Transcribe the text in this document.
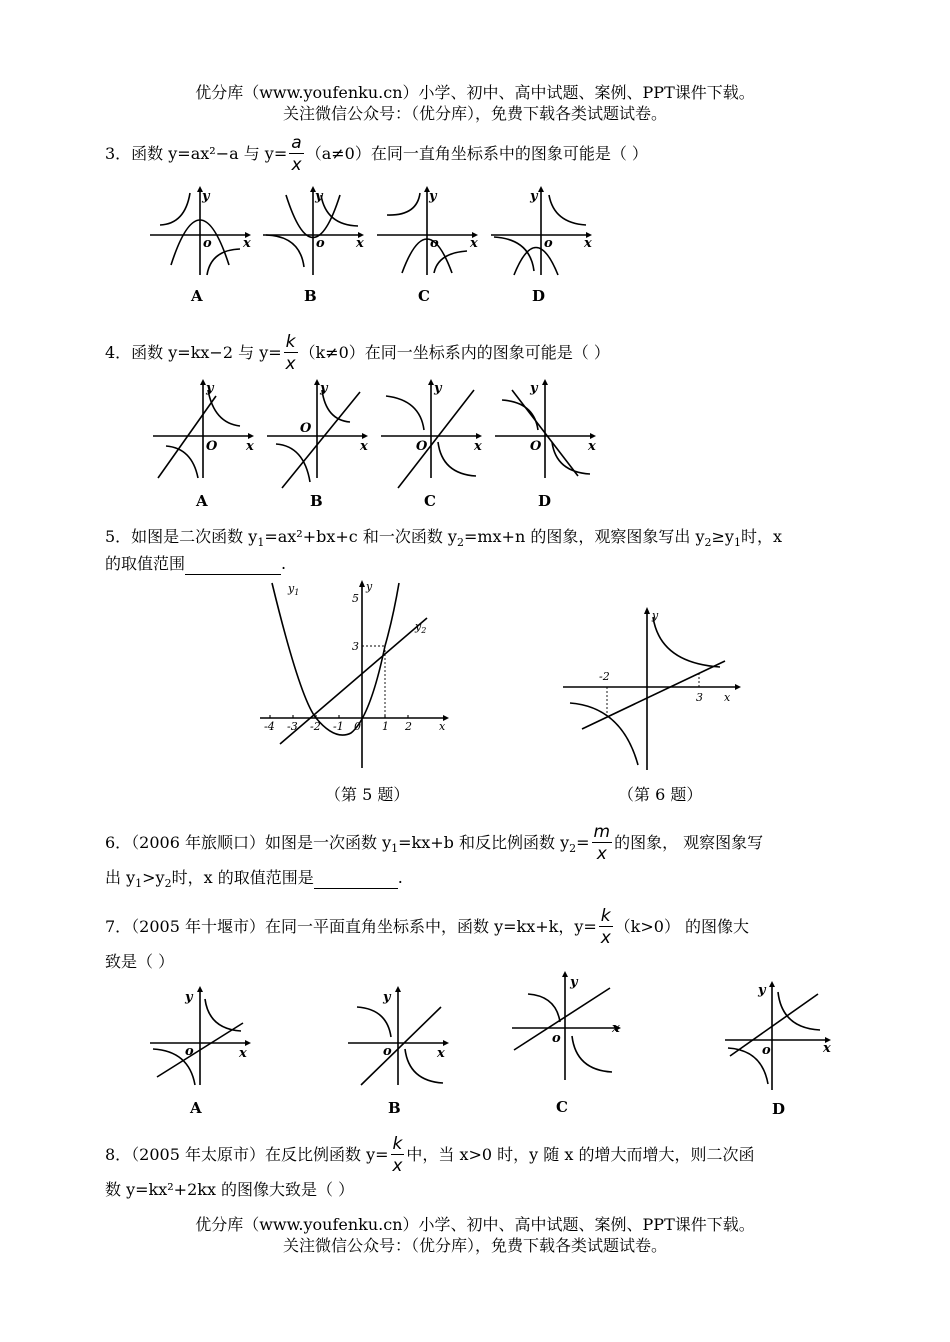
优分库（www.youfenku.cn）小学、初中、高中试题、案例、PPT课件下载。
关注微信公众号：（优分库），免费下载各类试题试卷。
3．函数 y=ax²−a 与 $y= \frac{a}{x} (a\ne 0)$在同一直角坐标系中的图象可能是（ ）
y
o x
A
y
o x
B
y
o x
C
y
o x
D
4．函数 y=kx−2 与 $y= \frac{k}{x} (k\ne 0)$在同一坐标系内的图象可能是（ ）
y
O x
A
y
O
x
B
y
O	x
C
y
O	x
D
5．如图是二次函数 $y_1=ax^2+bx+c$ 和一次函数 $y_2=mx+n$ 的图象，观察图象写出 $y_2\ge y_1$时，x
的取值范围	.
$y_1$
$y_2$
y
x
5
3
-4 -3 -2 -1 0 1 2
（第 5 题）
y
x
-2
3
（第 6 题）
6．（2006 年旅顺口）如图是一次函数 $y_1=kx+b$ 和反比例函数 $y_2= \frac{m}{x}$ 的图象， 观察图象写
出 $y_1>y_2$时，x 的取值范围是	.
7．（2005 年十堰市）在同一平面直角坐标系中，函数 y=kx+k，$y= \frac{k}{x} (k>0)$ 的图像大
致是（ ）
y
o	x
A
y
o	x
B
y
o
x
C
y
o	x
D
8．（2005 年太原市）在反比例函数 $y= \frac{k}{x}$ 中，当 x>0 时，y 随 x 的增大而增大，则二次函
数 y=kx²+2kx 的图像大致是（ ）
优分库（www.youfenku.cn）小学、初中、高中试题、案例、PPT课件下载。
关注微信公众号：（优分库），免费下载各类试题试卷。
